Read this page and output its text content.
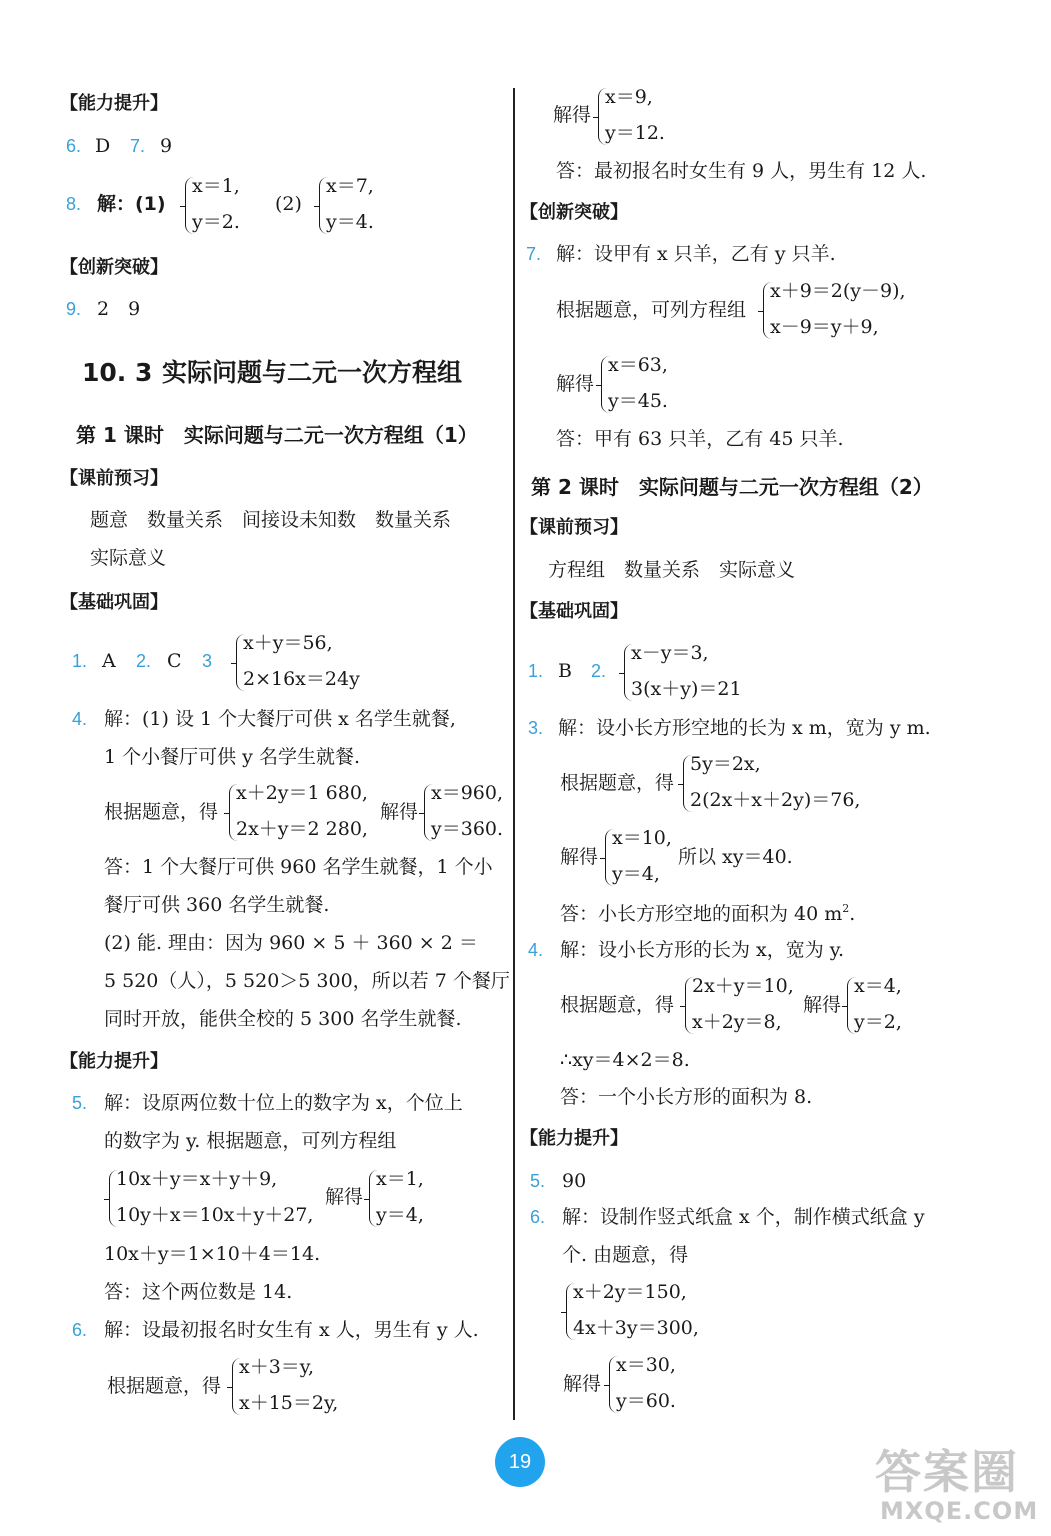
【能力提升】
6. D 7. 9
8. 解：(1)
x＝1,
y＝2.
(2)
x＝7,
y＝4.
【创新突破】
9. 2　9
10. 3 实际问题与二元一次方程组
第 1 课时　实际问题与二元一次方程组（1）
【课前预习】
题意　数量关系　间接设未知数　数量关系
实际意义
【基础巩固】
1. A 2. C 3
x＋y＝56,
2×16x＝24y
4. 解：(1) 设 1 个大餐厅可供 x 名学生就餐,
1 个小餐厅可供 y 名学生就餐.
根据题意，得
x＋2y＝1 680,
2x＋y＝2 280,
解得
x＝960,
y＝360.
答：1 个大餐厅可供 960 名学生就餐，1 个小
餐厅可供 360 名学生就餐.
(2) 能. 理由：因为 960 × 5 ＋ 360 × 2 ＝
5 520（人），5 520＞5 300，所以若 7 个餐厅
同时开放，能供全校的 5 300 名学生就餐.
【能力提升】
5. 解：设原两位数十位上的数字为 x，个位上
的数字为 y. 根据题意，可列方程组
10x＋y＝x＋y＋9,
10y＋x＝10x＋y＋27,
解得
x＝1,
y＝4,
10x＋y＝1×10＋4＝14.
答：这个两位数是 14.
6. 解：设最初报名时女生有 x 人，男生有 y 人.
根据题意，得
x＋3＝y,
x＋15＝2y,
解得
x＝9,
y＝12.
答：最初报名时女生有 9 人，男生有 12 人.
【创新突破】
7. 解：设甲有 x 只羊，乙有 y 只羊.
根据题意，可列方程组
x＋9＝2(y－9),
x－9＝y＋9,
解得
x＝63,
y＝45.
答：甲有 63 只羊，乙有 45 只羊.
第 2 课时　实际问题与二元一次方程组（2）
【课前预习】
方程组　数量关系　实际意义
【基础巩固】
1. B 2.
x－y＝3,
3(x＋y)＝21
3. 解：设小长方形空地的长为 x m，宽为 y m.
根据题意，得
5y＝2x,
2(2x＋x＋2y)＝76,
解得
x＝10,
y＝4,
所以 xy＝40.
答：小长方形空地的面积为 40 $m^2$.
4. 解：设小长方形的长为 x，宽为 y.
根据题意，得
2x＋y＝10,
x＋2y＝8,
解得
x＝4,
y＝2,
∴xy＝4×2＝8.
答：一个小长方形的面积为 8.
【能力提升】
5. 90
6. 解：设制作竖式纸盒 x 个，制作横式纸盒 y
个. 由题意，得
x＋2y＝150,
4x＋3y＝300,
解得
x＝30,
y＝60.
19	答案圈
MXQE.COM
